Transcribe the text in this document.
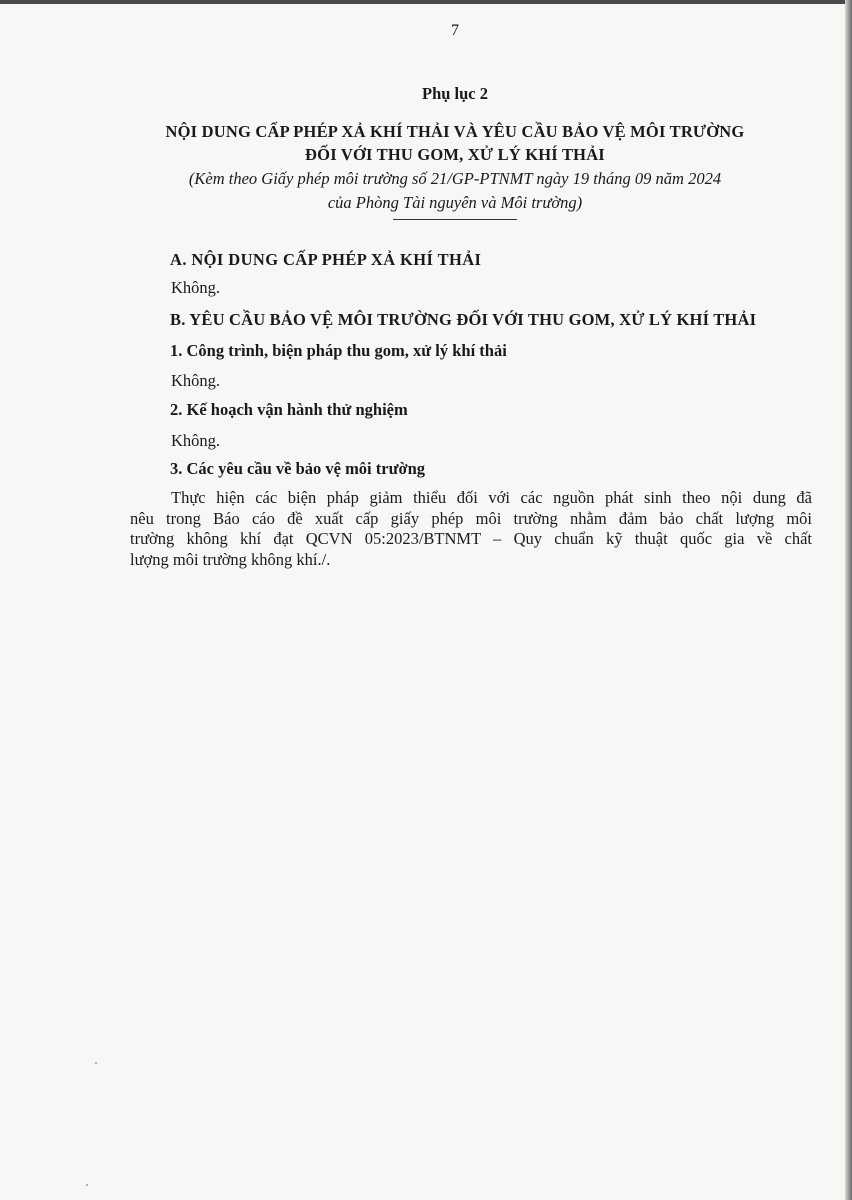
7
Phụ lục 2
NỘI DUNG CẤP PHÉP XẢ KHÍ THẢI VÀ YÊU CẦU BẢO VỆ MÔI TRƯỜNG
ĐỐI VỚI THU GOM, XỬ LÝ KHÍ THẢI
(Kèm theo Giấy phép môi trường số 21/GP-PTNMT ngày 19 tháng 09 năm 2024
của Phòng Tài nguyên và Môi trường)
A. NỘI DUNG CẤP PHÉP XẢ KHÍ THẢI
Không.
B. YÊU CẦU BẢO VỆ MÔI TRƯỜNG ĐỐI VỚI THU GOM, XỬ LÝ KHÍ THẢI
1. Công trình, biện pháp thu gom, xử lý khí thải
Không.
2. Kế hoạch vận hành thử nghiệm
Không.
3. Các yêu cầu về bảo vệ môi trường
Thực hiện các biện pháp giảm thiểu đối với các nguồn phát sinh theo nội dung đã
nêu trong Báo cáo đề xuất cấp giấy phép môi trường nhằm đảm bảo chất lượng môi
trường không khí đạt QCVN 05:2023/BTNMT – Quy chuẩn kỹ thuật quốc gia về chất
lượng môi trường không khí./.
